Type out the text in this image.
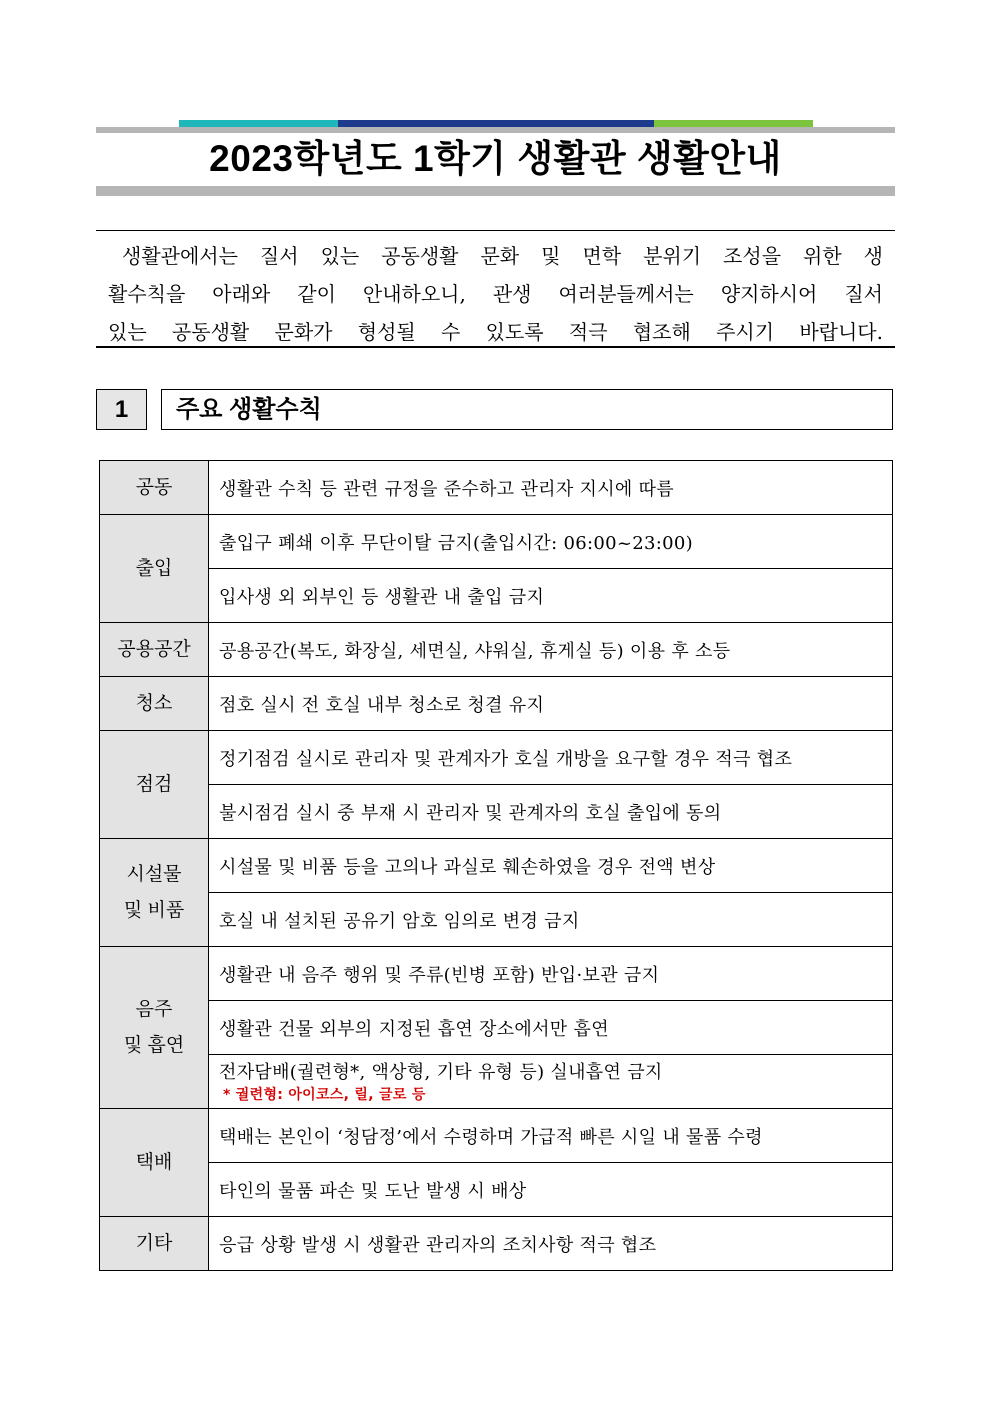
2023학년도 1학기 생활관 생활안내
생활관에서는 질서 있는 공동생활 문화 및 면학 분위기 조성을 위한 생
활수칙을 아래와 같이 안내하오니, 관생 여러분들께서는 양지하시어 질서
있는 공동생활 문화가 형성될 수 있도록 적극 협조해 주시기 바랍니다.
1	주요 생활수칙
공동	생활관 수칙 등 관련 규정을 준수하고 관리자 지시에 따름
출입	출입구 폐쇄 이후 무단이탈 금지(출입시간: 06:00~23:00)
	입사생 외 외부인 등 생활관 내 출입 금지
공용공간	공용공간(복도, 화장실, 세면실, 샤워실, 휴게실 등) 이용 후 소등
청소	점호 실시 전 호실 내부 청소로 청결 유지
점검	정기점검 실시로 관리자 및 관계자가 호실 개방을 요구할 경우 적극 협조
	불시점검 실시 중 부재 시 관리자 및 관계자의 호실 출입에 동의

시설물
및 비품	시설물 및 비품 등을 고의나 과실로 훼손하였을 경우 전액 변상
	호실 내 설치된 공유기 암호 임의로 변경 금지

음주
및 흡연	생활관 내 음주 행위 및 주류(빈병 포함) 반입·보관 금지
	생활관 건물 외부의 지정된 흡연 장소에서만 흡연

	전자담배(궐련형*, 액상형, 기타 유형 등) 실내흡연 금지
* 궐련형: 아이코스, 릴, 글로 등

택배	택배는 본인이 ‘청담정’에서 수령하며 가급적 빠른 시일 내 물품 수령
	타인의 물품 파손 및 도난 발생 시 배상
기타	응급 상황 발생 시 생활관 관리자의 조치사항 적극 협조
